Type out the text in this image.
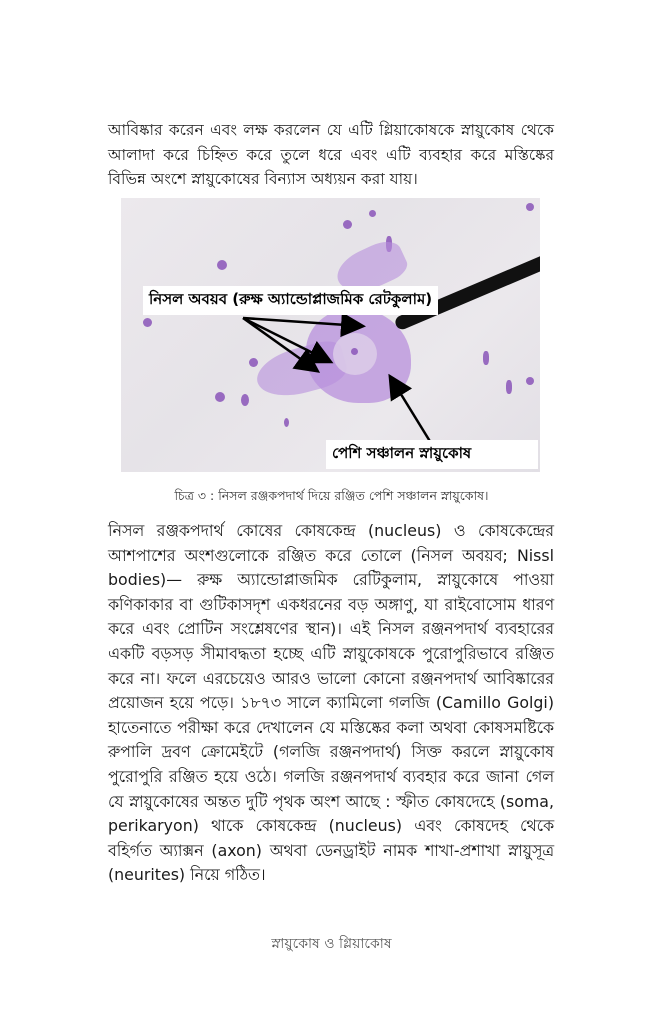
আবিষ্কার করেন এবং লক্ষ করলেন যে এটি গ্লিয়াকোষকে স্নায়ুকোষ থেকে
আলাদা করে চিহ্নিত করে তুলে ধরে এবং এটি ব্যবহার করে মস্তিষ্কের
বিভিন্ন অংশে স্নায়ুকোষের বিন্যাস অধ্যয়ন করা যায়।
নিসল অবয়ব (রুক্ষ অ্যান্ডোপ্লাজমিক রেটকুলাম)
পেশি সঞ্চালন স্নায়ুকোষ
চিত্র ৩ : নিসল রঞ্জকপদার্থ দিয়ে রঞ্জিত পেশি সঞ্চালন স্নায়ুকোষ।
নিসল রঞ্জকপদার্থ কোষের কোষকেন্দ্র (nucleus) ও কোষকেন্দ্রের
আশপাশের অংশগুলোকে রঞ্জিত করে তোলে (নিসল অবয়ব; Nissl
bodies)— রুক্ষ অ্যান্ডোপ্লাজমিক রেটিকুলাম, স্নায়ুকোষে পাওয়া
কণিকাকার বা গুটিকাসদৃশ একধরনের বড় অঙ্গাণু, যা রাইবোসোম ধারণ
করে এবং প্রোটিন সংশ্লেষণের স্থান)। এই নিসল রঞ্জনপদার্থ ব্যবহারের
একটি বড়সড় সীমাবদ্ধতা হচ্ছে এটি স্নায়ুকোষকে পুরোপুরিভাবে রঞ্জিত
করে না। ফলে এরচেয়েও আরও ভালো কোনো রঞ্জনপদার্থ আবিষ্কারের
প্রয়োজন হয়ে পড়ে। ১৮৭৩ সালে ক্যামিলো গলজি (Camillo Golgi)
হাতেনাতে পরীক্ষা করে দেখালেন যে মস্তিষ্কের কলা অথবা কোষসমষ্টিকে
রুপালি দ্রবণ ক্রোমেইটে (গলজি রঞ্জনপদার্থ) সিক্ত করলে স্নায়ুকোষ
পুরোপুরি রঞ্জিত হয়ে ওঠে। গলজি রঞ্জনপদার্থ ব্যবহার করে জানা গেল
যে স্নায়ুকোষের অন্তত দুটি পৃথক অংশ আছে : স্ফীত কোষদেহে (soma,
perikaryon) থাকে কোষকেন্দ্র (nucleus) এবং কোষদেহ থেকে
বহির্গত অ্যাক্সন (axon) অথবা ডেনড্রাইট নামক শাখা-প্রশাখা স্নায়ুসূত্র
(neurites) নিয়ে গঠিত।
স্নায়ুকোষ ও গ্লিয়াকোষ
